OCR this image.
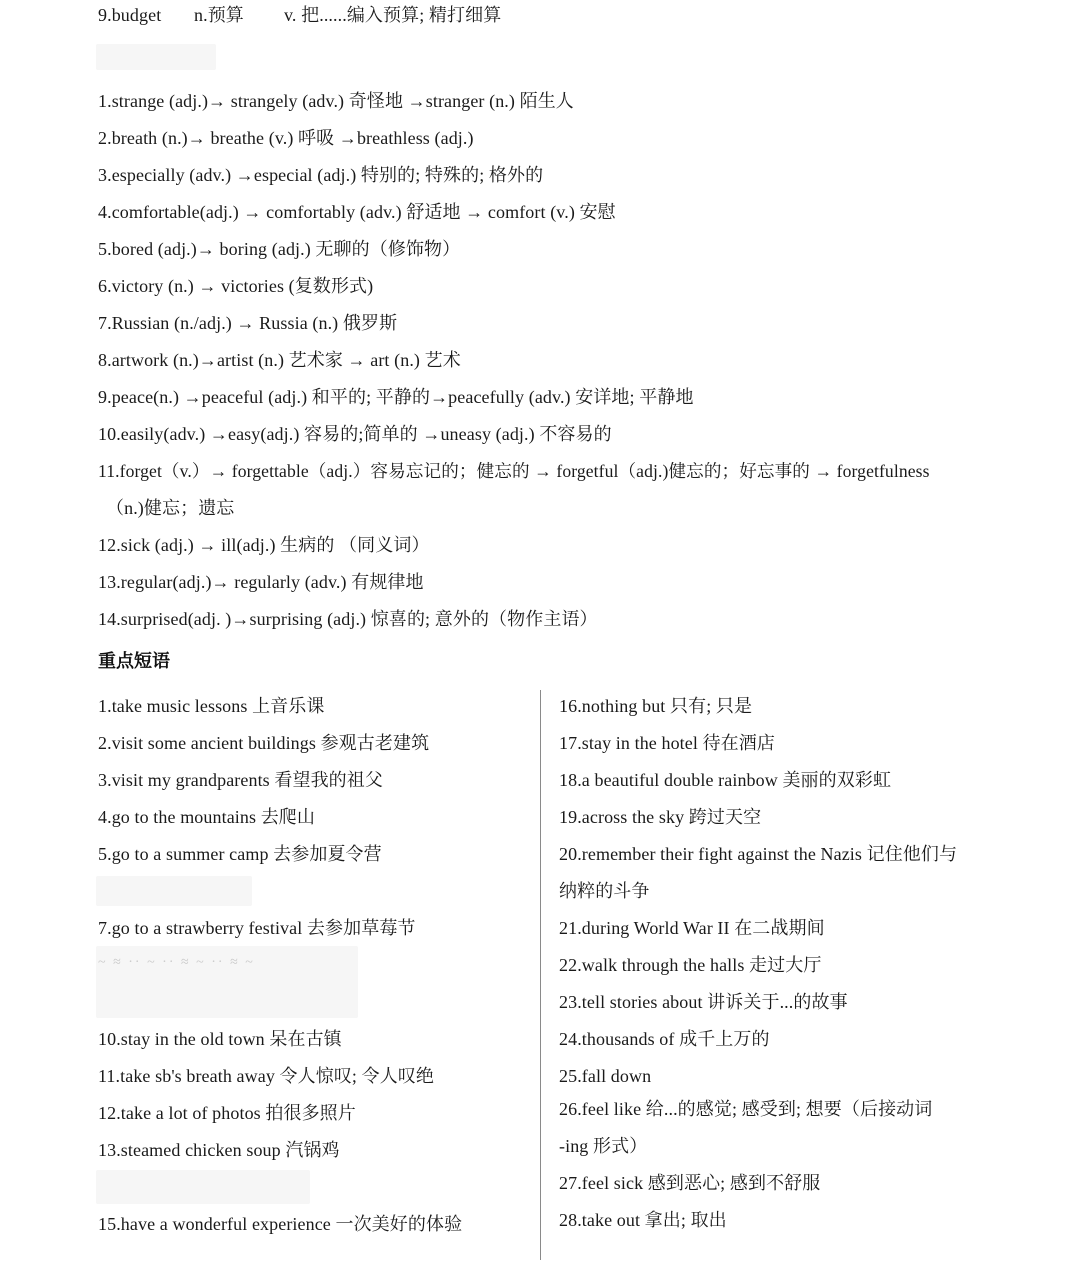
9.budget n.预算 v. 把......编入预算; 精打细算
1.strange (adj.)→ strangely (adv.) 奇怪地 →stranger (n.) 陌生人
2.breath (n.)→ breathe (v.) 呼吸 →breathless (adj.)
3.especially (adv.) →especial (adj.) 特别的; 特殊的; 格外的
4.comfortable(adj.) → comfortably (adv.) 舒适地 → comfort (v.) 安慰
5.bored (adj.)→ boring (adj.) 无聊的（修饰物）
6.victory (n.) → victories (复数形式)
7.Russian (n./adj.) → Russia (n.) 俄罗斯
8.artwork (n.)→artist (n.) 艺术家 → art (n.) 艺术
9.peace(n.) →peaceful (adj.) 和平的; 平静的→peacefully (adv.) 安详地; 平静地
10.easily(adv.) →easy(adj.) 容易的;简单的 →uneasy (adj.) 不容易的
11.forget（v.）→ forgettable（adj.）容易忘记的；健忘的 → forgetful（adj.)健忘的；好忘事的 → forgetfulness
（n.)健忘；遗忘
12.sick (adj.) → ill(adj.) 生病的 （同义词）
13.regular(adj.)→ regularly (adv.) 有规律地
14.surprised(adj. )→surprising (adj.) 惊喜的; 意外的（物作主语）
重点短语
1.take music lessons 上音乐课
2.visit some ancient buildings 参观古老建筑
3.visit my grandparents 看望我的祖父
4.go to the mountains 去爬山
5.go to a summer camp 去参加夏令营
7.go to a strawberry festival 去参加草莓节
~ ≈ ·· ~ ·· ≈ ~ ·· ≈ ~
10.stay in the old town 呆在古镇
11.take sb's breath away 令人惊叹; 令人叹绝
12.take a lot of photos 拍很多照片
13.steamed chicken soup 汽锅鸡
15.have a wonderful experience 一次美好的体验
16.nothing but 只有; 只是
17.stay in the hotel 待在酒店
18.a beautiful double rainbow 美丽的双彩虹
19.across the sky 跨过天空
20.remember their fight against the Nazis 记住他们与
纳粹的斗争
21.during World War II 在二战期间
22.walk through the halls 走过大厅
23.tell stories about 讲诉关于...的故事
24.thousands of 成千上万的
25.fall down
26.feel like 给...的感觉; 感受到; 想要（后接动词
-ing 形式）
27.feel sick 感到恶心; 感到不舒服
28.take out 拿出; 取出
